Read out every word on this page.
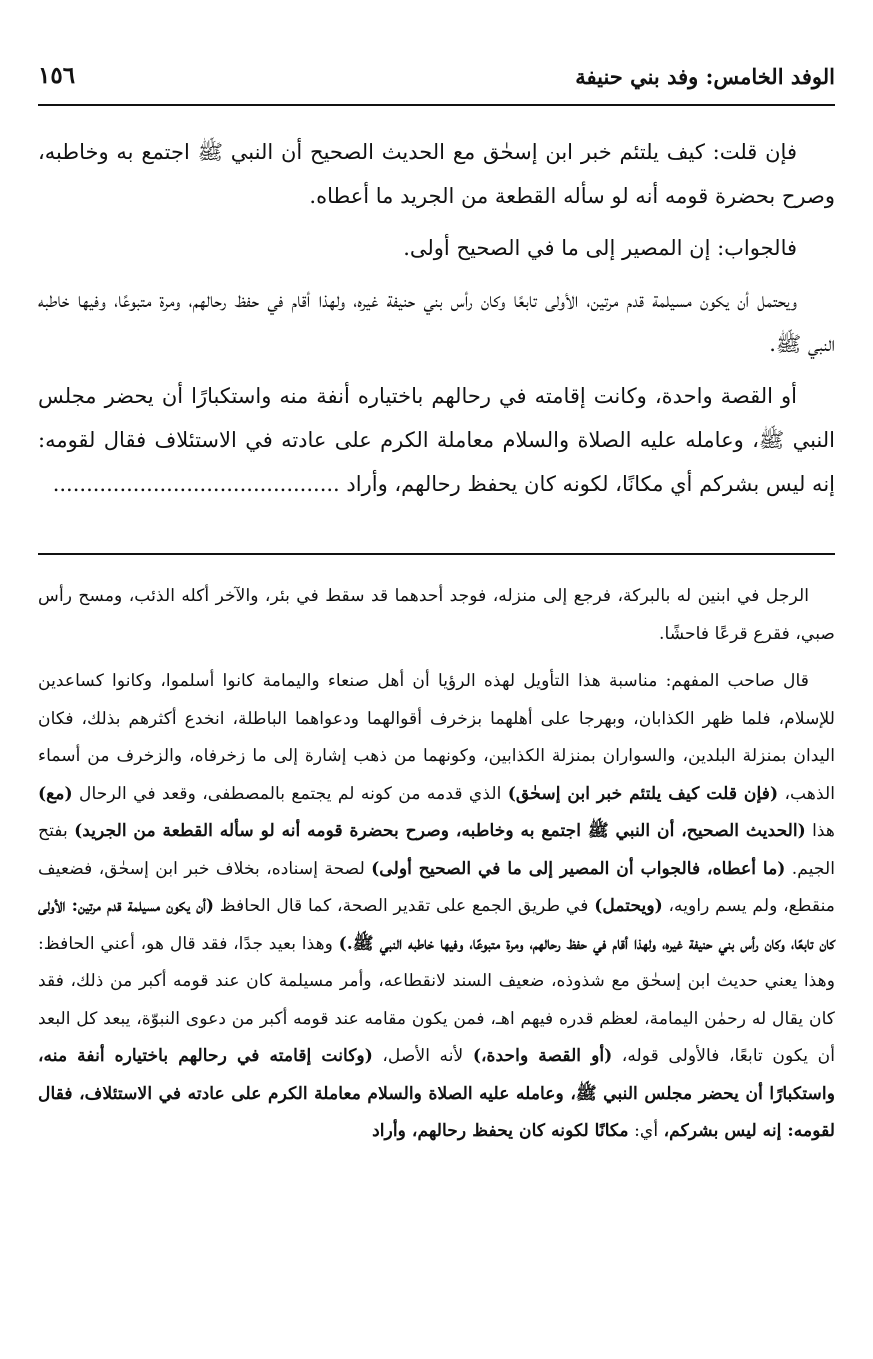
١٥٦	الوفد الخامس: وفد بني حنيفة

فإن قلت: كيف يلتئم خبر ابن إسحٰق مع الحديث الصحيح أن النبي ﷺ اجتمع به وخاطبه، وصرح بحضرة قومه أنه لو سأله القطعة من الجريد ما أعطاه.

فالجواب: إن المصير إلى ما في الصحيح أولى.

ويحتمل أن يكون مسيلمة قدم مرتين، الأولى تابعًا وكان رأس بني حنيفة غيره، ولهذا أقام في حفظ رحالهم، ومرة متبوعًا، وفيها خاطبه النبي ﷺ.

أو القصة واحدة، وكانت إقامته في رحالهم باختياره أنفة منه واستكبارًا أن يحضر مجلس النبي ﷺ، وعامله عليه الصلاة والسلام معاملة الكرم على عادته في الاستئلاف فقال لقومه: إنه ليس بشركم أي مكانًا، لكونه كان يحفظ رحالهم، وأراد ...........................................

الرجل في ابنين له بالبركة، فرجع إلى منزله، فوجد أحدهما قد سقط في بئر، والآخر أكله الذئب، ومسح رأس صبي، فقرع قرعًا فاحشًا.

قال صاحب المفهم: مناسبة هذا التأويل لهذه الرؤيا أن أهل صنعاء واليمامة كانوا أسلموا، وكانوا كساعدين للإسلام، فلما ظهر الكذابان، وبهرجا على أهلهما بزخرف أقوالهما ودعواهما الباطلة، انخدع أكثرهم بذلك، فكان اليدان بمنزلة البلدين، والسواران بمنزلة الكذابين، وكونهما من ذهب إشارة إلى ما زخرفاه، والزخرف من أسماء الذهب، (فإن قلت كيف يلتئم خبر ابن إسحٰق) الذي قدمه من كونه لم يجتمع بالمصطفى، وقعد في الرحال (مع) هذا (الحديث الصحيح، أن النبي ﷺ اجتمع به وخاطبه، وصرح بحضرة قومه أنه لو سأله القطعة من الجريد) بفتح الجيم. (ما أعطاه، فالجواب أن المصير إلى ما في الصحيح أولى) لصحة إسناده، بخلاف خبر ابن إسحٰق، فضعيف منقطع، ولم يسم راويه، (ويحتمل) في طريق الجمع على تقدير الصحة، كما قال الحافظ (أن يكون مسيلمة قدم مرتين: الأولى كان تابعًا، وكان رأس بني حنيفة غيره، ولهذا أقام في حفظ رحالهم، ومرة متبوعًا، وفيها خاطبه النبي ﷺ.) وهذا بعيد جدًا، فقد قال هو، أعني الحافظ: وهذا يعني حديث ابن إسحٰق مع شذوذه، ضعيف السند لانقطاعه، وأمر مسيلمة كان عند قومه أكبر من ذلك، فقد كان يقال له رحمٰن اليمامة، لعظم قدره فيهم اهـ، فمن يكون مقامه عند قومه أكبر من دعوى النبوّة، يبعد كل البعد أن يكون تابعًا، فالأولى قوله، (أو القصة واحدة،) لأنه الأصل، (وكانت إقامته في رحالهم باختياره أنفة منه، واستكبارًا أن يحضر مجلس النبي ﷺ، وعامله عليه الصلاة والسلام معاملة الكرم على عادته في الاستئلاف، فقال لقومه: إنه ليس بشركم، أي: مكانًا لكونه كان يحفظ رحالهم، وأراد
